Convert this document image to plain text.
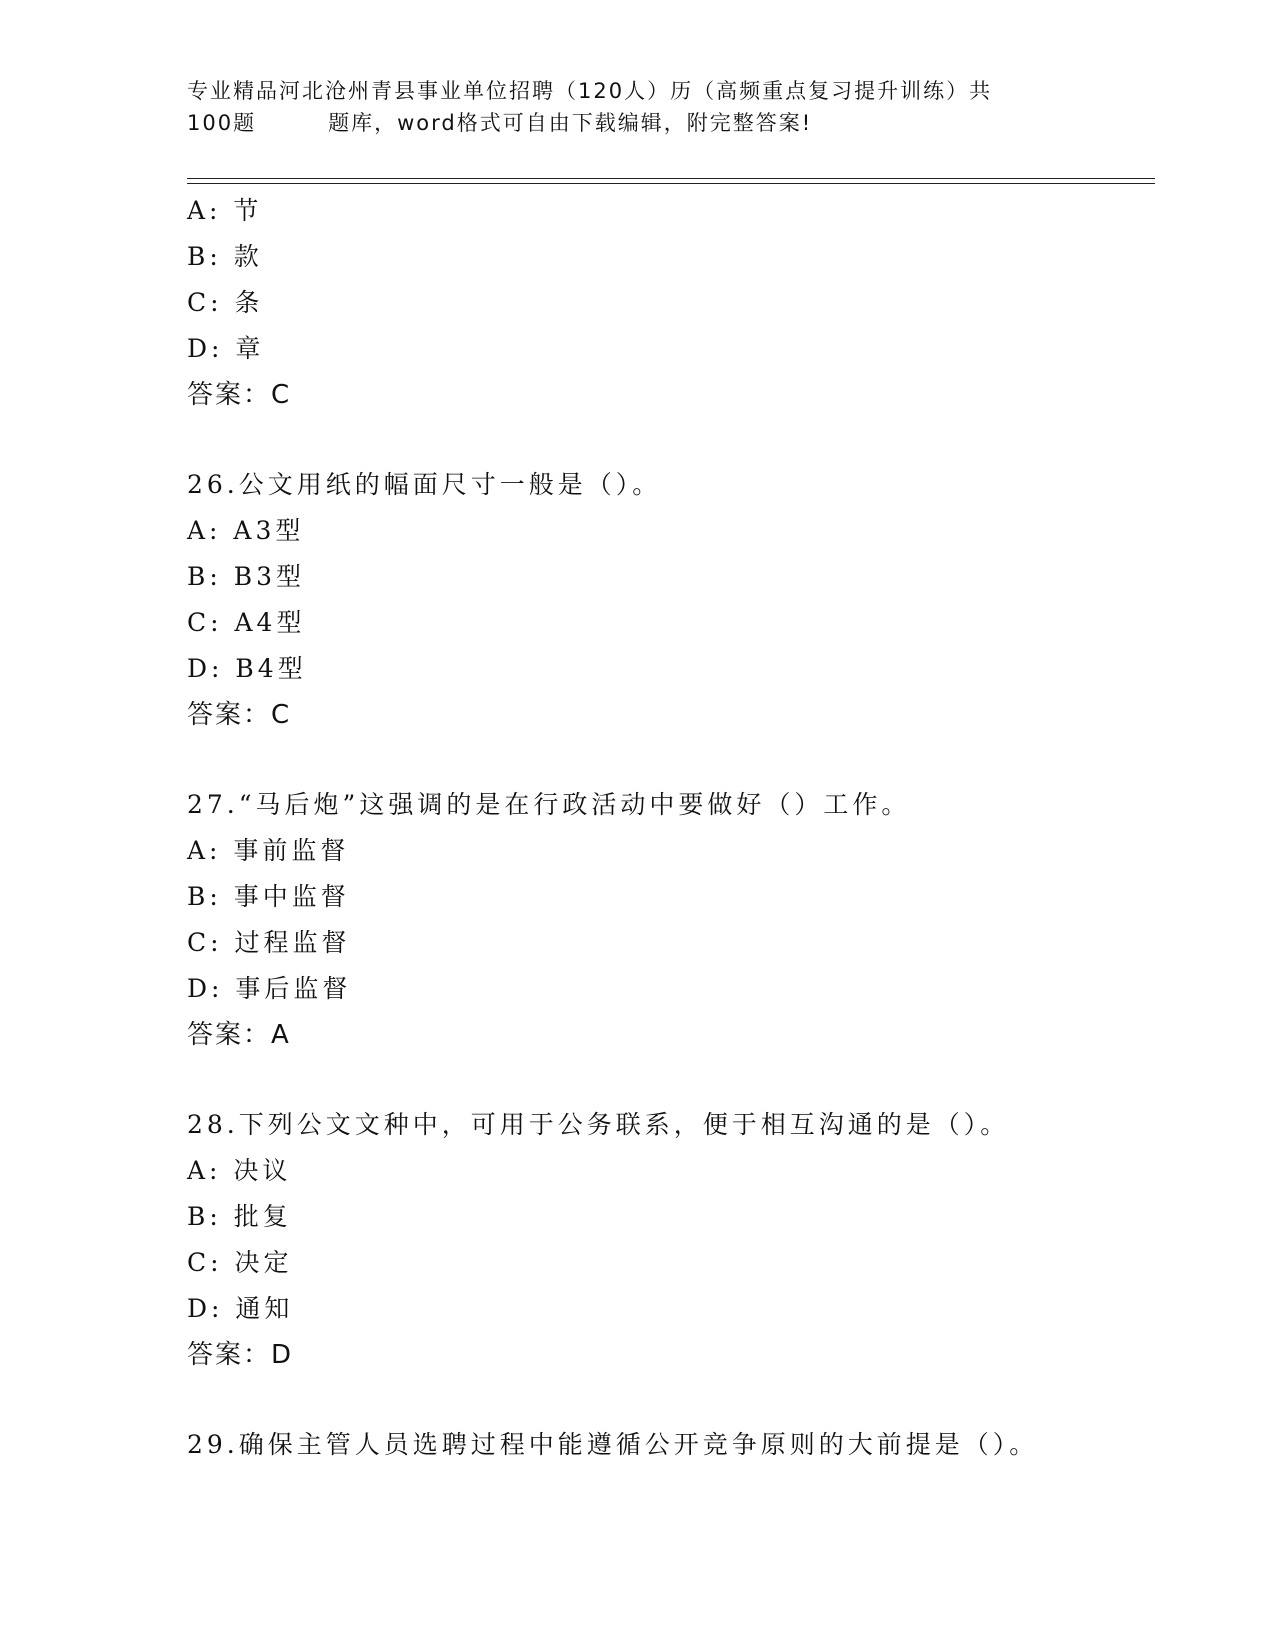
专业精品河北沧州青县事业单位招聘（120人）历（高频重点复习提升训练）共
100题	题库，word格式可自由下载编辑，附完整答案!
A: 节
B: 款
C: 条
D: 章
答案：C
26.公文用纸的幅面尺寸一般是（）。
A: A3型
B: B3型
C: A4型
D: B4型
答案：C
27.“马后炮”这强调的是在行政活动中要做好（）工作。
A: 事前监督
B: 事中监督
C: 过程监督
D: 事后监督
答案：A
28.下列公文文种中，可用于公务联系，便于相互沟通的是（）。
A: 决议
B: 批复
C: 决定
D: 通知
答案：D
29.确保主管人员选聘过程中能遵循公开竞争原则的大前提是（）。
